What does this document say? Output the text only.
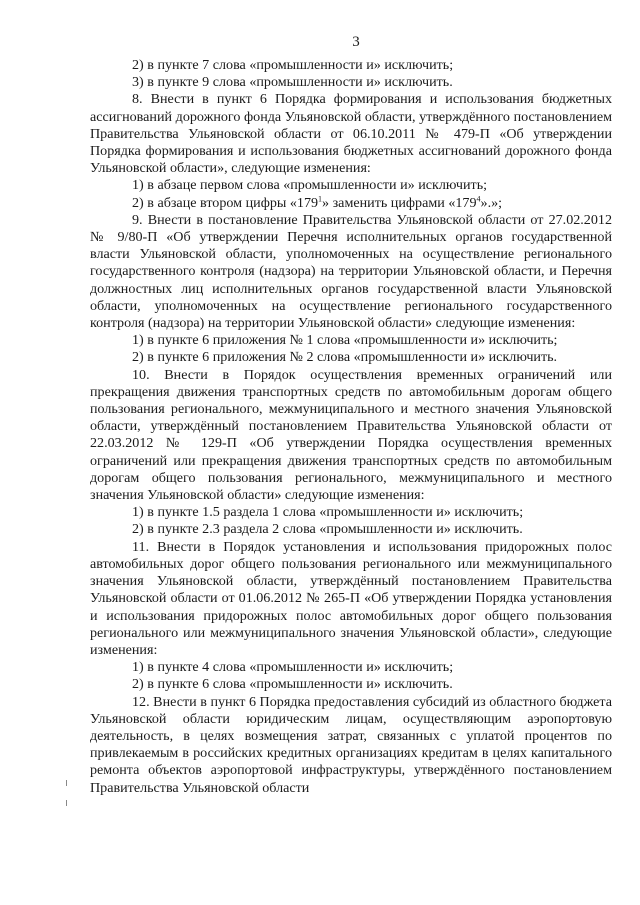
3

2) в пункте 7 слова «промышленности и» исключить;

3) в пункте 9 слова «промышленности и» исключить.

8. Внести в пункт 6 Порядка формирования и использования бюджетных ассигнований дорожного фонда Ульяновской области, утверждённого постановлением Правительства Ульяновской области от 06.10.2011 № 479-П «Об утверждении Порядка формирования и использования бюджетных ассигнований дорожного фонда Ульяновской области», следующие изменения:

1) в абзаце первом слова «промышленности и» исключить;

2) в абзаце втором цифры «$179^1$» заменить цифрами «$179^4$».»;

9. Внести в постановление Правительства Ульяновской области от 27.02.2012 № 9/80-П «Об утверждении Перечня исполнительных органов государственной власти Ульяновской области, уполномоченных на осуществление регионального государственного контроля (надзора) на территории Ульяновской области, и Перечня должностных лиц исполнительных органов государственной власти Ульяновской области, уполномоченных на осуществление регионального государственного контроля (надзора) на территории Ульяновской области» следующие изменения:

1) в пункте 6 приложения № 1 слова «промышленности и» исключить;

2) в пункте 6 приложения № 2 слова «промышленности и» исключить.

10. Внести в Порядок осуществления временных ограничений или прекращения движения транспортных средств по автомобильным дорогам общего пользования регионального, межмуниципального и местного значения Ульяновской области, утверждённый постановлением Правительства Ульяновской области от 22.03.2012 № 129-П «Об утверждении Порядка осуществления временных ограничений или прекращения движения транспортных средств по автомобильным дорогам общего пользования регионального, межмуниципального и местного значения Ульяновской области» следующие изменения:

1) в пункте 1.5 раздела 1 слова «промышленности и» исключить;

2) в пункте 2.3 раздела 2 слова «промышленности и» исключить.

11. Внести в Порядок установления и использования придорожных полос автомобильных дорог общего пользования регионального или межмуниципального значения Ульяновской области, утверждённый постановлением Правительства Ульяновской области от 01.06.2012 № 265-П «Об утверждении Порядка установления и использования придорожных полос автомобильных дорог общего пользования регионального или межмуниципального значения Ульяновской области», следующие изменения:

1) в пункте 4 слова «промышленности и» исключить;

2) в пункте 6 слова «промышленности и» исключить.

12. Внести в пункт 6 Порядка предоставления субсидий из областного бюджета Ульяновской области юридическим лицам, осуществляющим аэропортовую деятельность, в целях возмещения затрат, связанных с уплатой процентов по привлекаемым в российских кредитных организациях кредитам в целях капитального ремонта объектов аэропортовой инфраструктуры, утверждённого постановлением Правительства Ульяновской области
